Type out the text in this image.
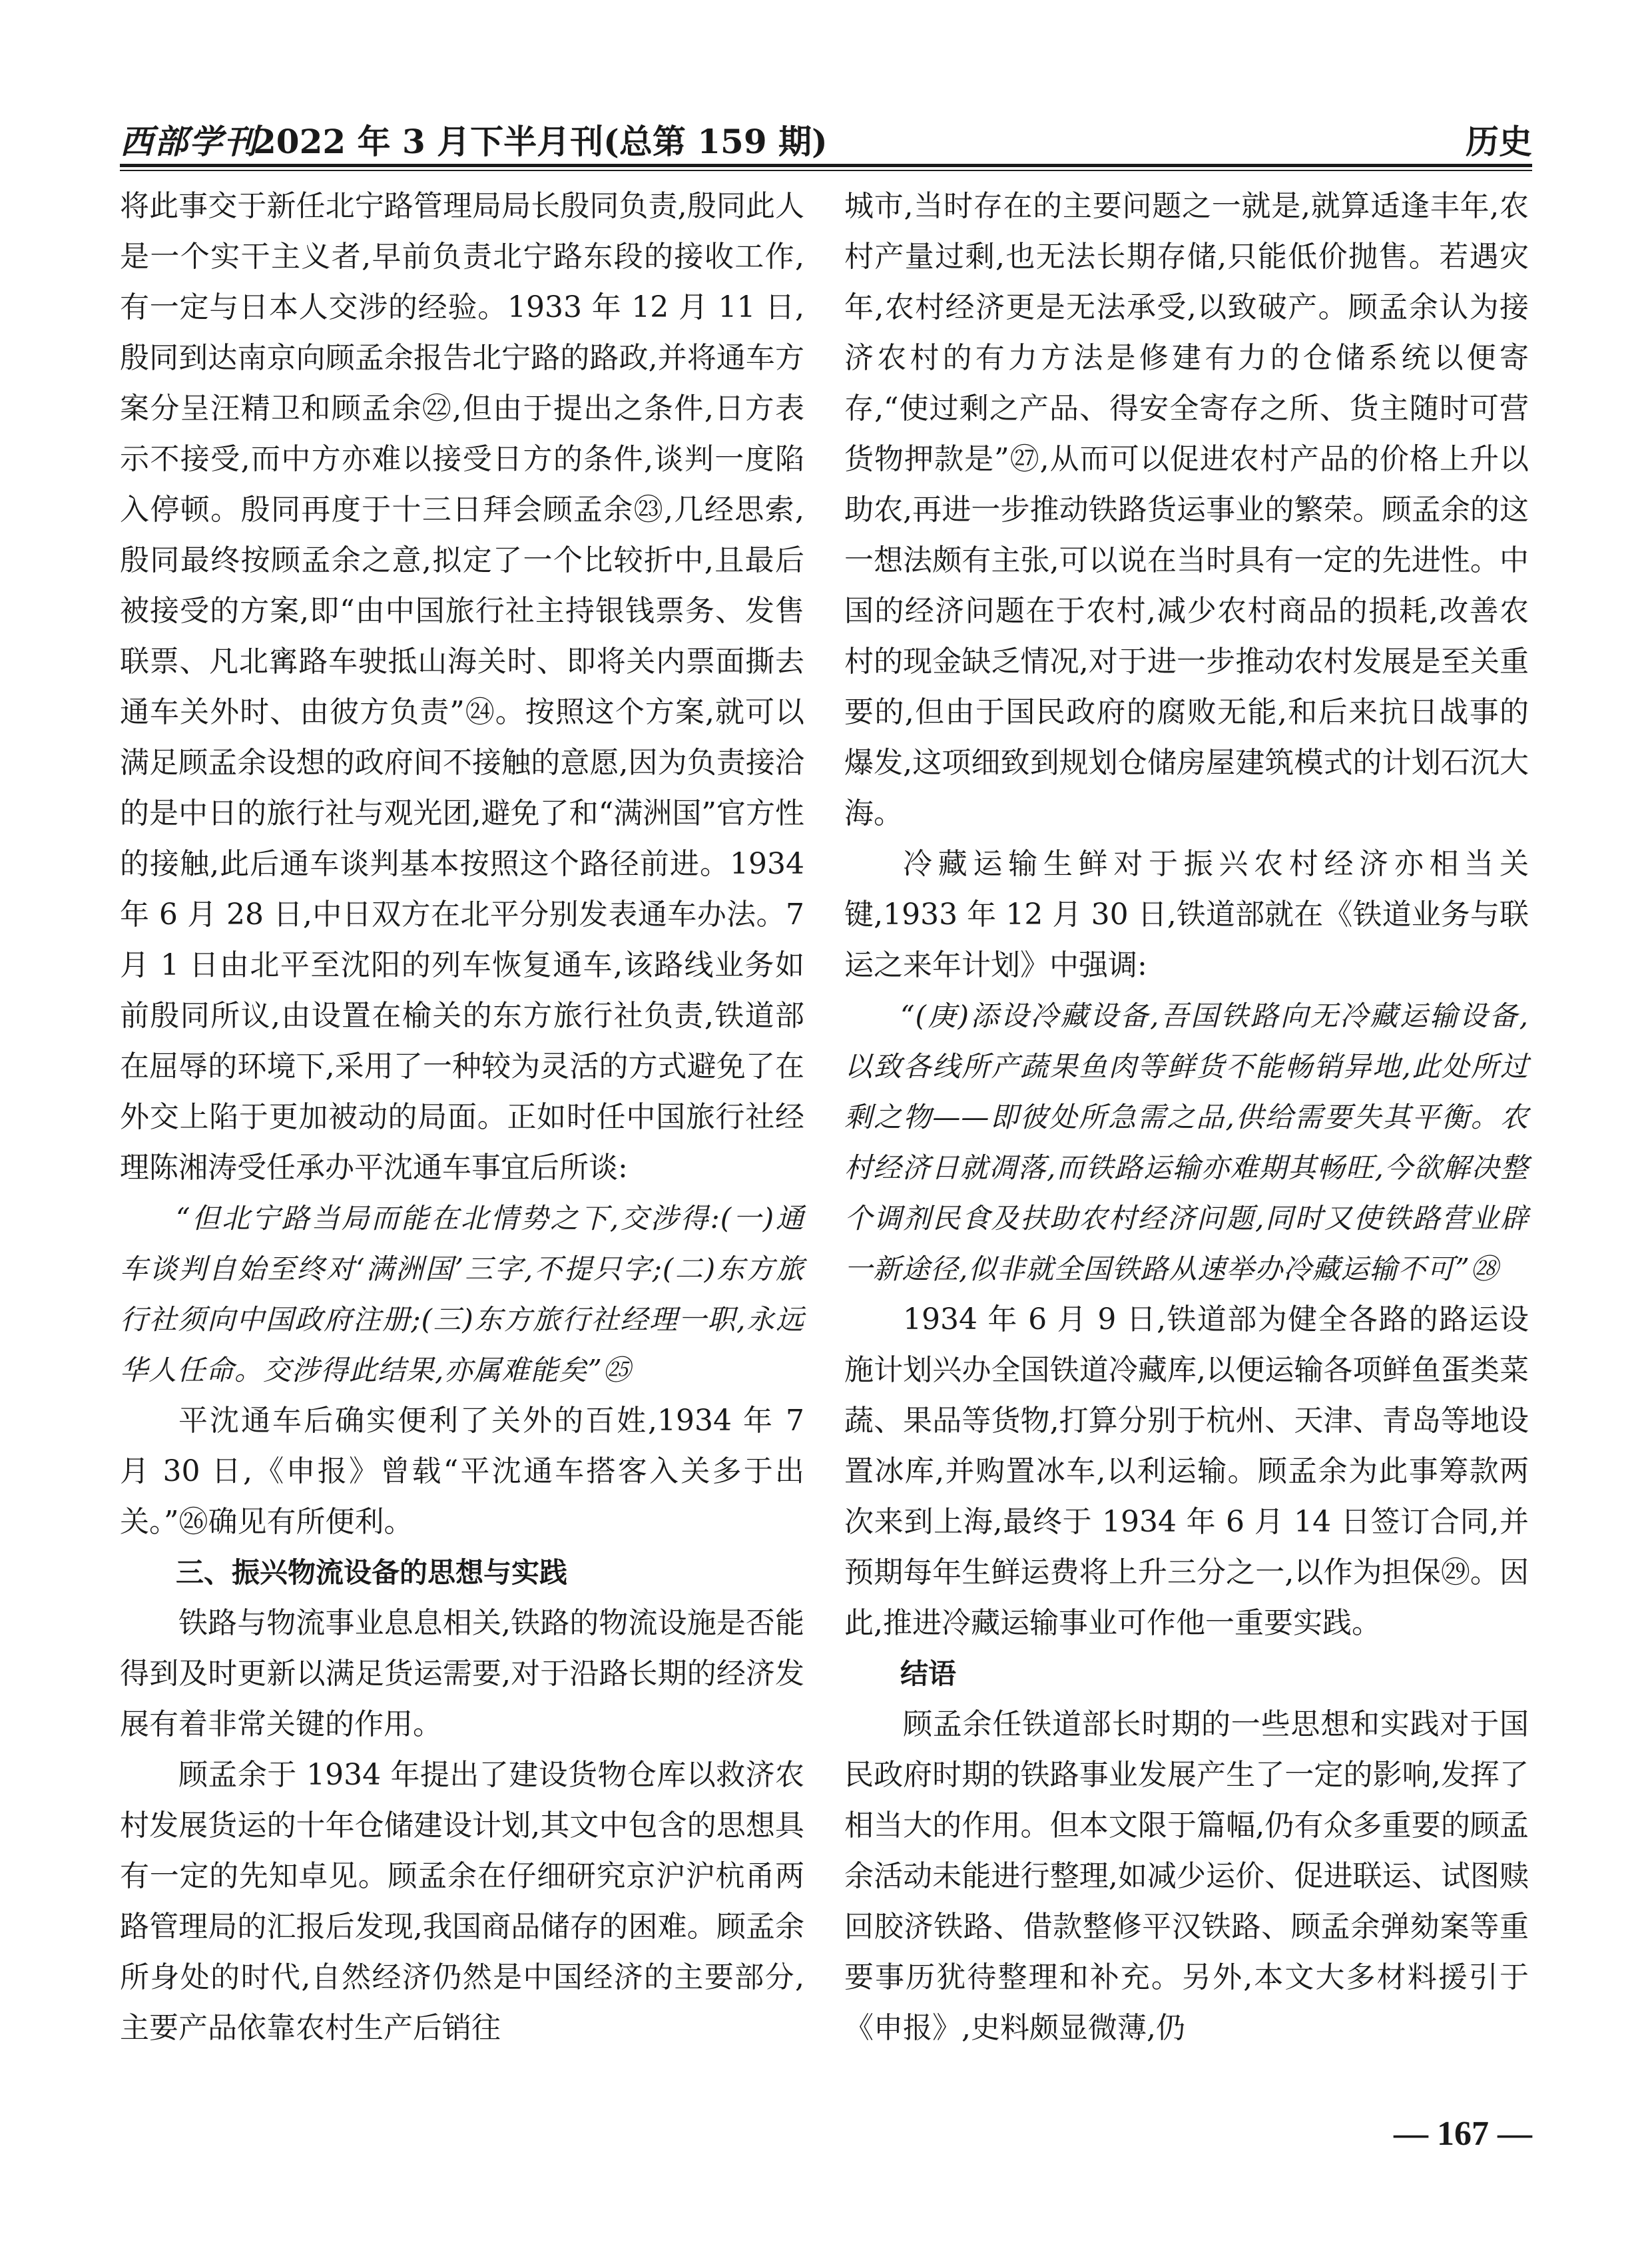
西部学刊
2022 年 3 月下半月刊(总第 159 期)	历史

将此事交于新任北宁路管理局局长殷同负责,殷同此人是一个实干主义者,早前负责北宁路东段的接收工作,有一定与日本人交涉的经验。1933 年 12 月 11 日,殷同到达南京向顾孟余报告北宁路的路政,并将通车方案分呈汪精卫和顾孟余㉒,但由于提出之条件,日方表示不接受,而中方亦难以接受日方的条件,谈判一度陷入停顿。殷同再度于十三日拜会顾孟余㉓,几经思索,殷同最终按顾孟余之意,拟定了一个比较折中,且最后被接受的方案,即“由中国旅行社主持银钱票务、发售联票、凡北寗路车驶抵山海关时、即将关内票面撕去通车关外时、由彼方负责”㉔。按照这个方案,就可以满足顾孟余设想的政府间不接触的意愿,因为负责接洽的是中日的旅行社与观光团,避免了和“满洲国”官方性的接触,此后通车谈判基本按照这个路径前进。1934 年 6 月 28 日,中日双方在北平分别发表通车办法。7 月 1 日由北平至沈阳的列车恢复通车,该路线业务如前殷同所议,由设置在榆关的东方旅行社负责,铁道部在屈辱的环境下,采用了一种较为灵活的方式避免了在外交上陷于更加被动的局面。正如时任中国旅行社经理陈湘涛受任承办平沈通车事宜后所谈:

“但北宁路当局而能在北情势之下,交涉得:(一)通车谈判自始至终对‘满洲国’三字,不提只字;(二)东方旅行社须向中国政府注册;(三)东方旅行社经理一职,永远华人任命。交涉得此结果,亦属难能矣”㉕

平沈通车后确实便利了关外的百姓,1934 年 7 月 30 日,《申报》曾载“平沈通车搭客入关多于出关。”㉖确见有所便利。

三、振兴物流设备的思想与实践

铁路与物流事业息息相关,铁路的物流设施是否能得到及时更新以满足货运需要,对于沿路长期的经济发展有着非常关键的作用。

顾孟余于 1934 年提出了建设货物仓库以救济农村发展货运的十年仓储建设计划,其文中包含的思想具有一定的先知卓见。顾孟余在仔细研究京沪沪杭甬两路管理局的汇报后发现,我国商品储存的困难。顾孟余所身处的时代,自然经济仍然是中国经济的主要部分,主要产品依靠农村生产后销往

城市,当时存在的主要问题之一就是,就算适逢丰年,农村产量过剩,也无法长期存储,只能低价抛售。若遇灾年,农村经济更是无法承受,以致破产。顾孟余认为接济农村的有力方法是修建有力的仓储系统以便寄存,“使过剩之产品、得安全寄存之所、货主随时可营货物押款是”㉗,从而可以促进农村产品的价格上升以助农,再进一步推动铁路货运事业的繁荣。顾孟余的这一想法颇有主张,可以说在当时具有一定的先进性。中国的经济问题在于农村,减少农村商品的损耗,改善农村的现金缺乏情况,对于进一步推动农村发展是至关重要的,但由于国民政府的腐败无能,和后来抗日战事的爆发,这项细致到规划仓储房屋建筑模式的计划石沉大海。

冷藏运输生鲜对于振兴农村经济亦相当关键,1933 年 12 月 30 日,铁道部就在《铁道业务与联运之来年计划》中强调:

“(庚)添设冷藏设备,吾国铁路向无冷藏运输设备,以致各线所产蔬果鱼肉等鲜货不能畅销异地,此处所过剩之物——即彼处所急需之品,供给需要失其平衡。农村经济日就凋落,而铁路运输亦难期其畅旺,今欲解决整个调剂民食及扶助农村经济问题,同时又使铁路营业辟一新途径,似非就全国铁路从速举办冷藏运输不可”㉘

1934 年 6 月 9 日,铁道部为健全各路的路运设施计划兴办全国铁道冷藏库,以便运输各项鲜鱼蛋类菜蔬、果品等货物,打算分别于杭州、天津、青岛等地设置冰库,并购置冰车,以利运输。顾孟余为此事筹款两次来到上海,最终于 1934 年 6 月 14 日签订合同,并预期每年生鲜运费将上升三分之一,以作为担保㉙。因此,推进冷藏运输事业可作他一重要实践。

结语

顾孟余任铁道部长时期的一些思想和实践对于国民政府时期的铁路事业发展产生了一定的影响,发挥了相当大的作用。但本文限于篇幅,仍有众多重要的顾孟余活动未能进行整理,如减少运价、促进联运、试图赎回胶济铁路、借款整修平汉铁路、顾孟余弹劾案等重要事历犹待整理和补充。另外,本文大多材料援引于《申报》,史料颇显微薄,仍

— 167 —
